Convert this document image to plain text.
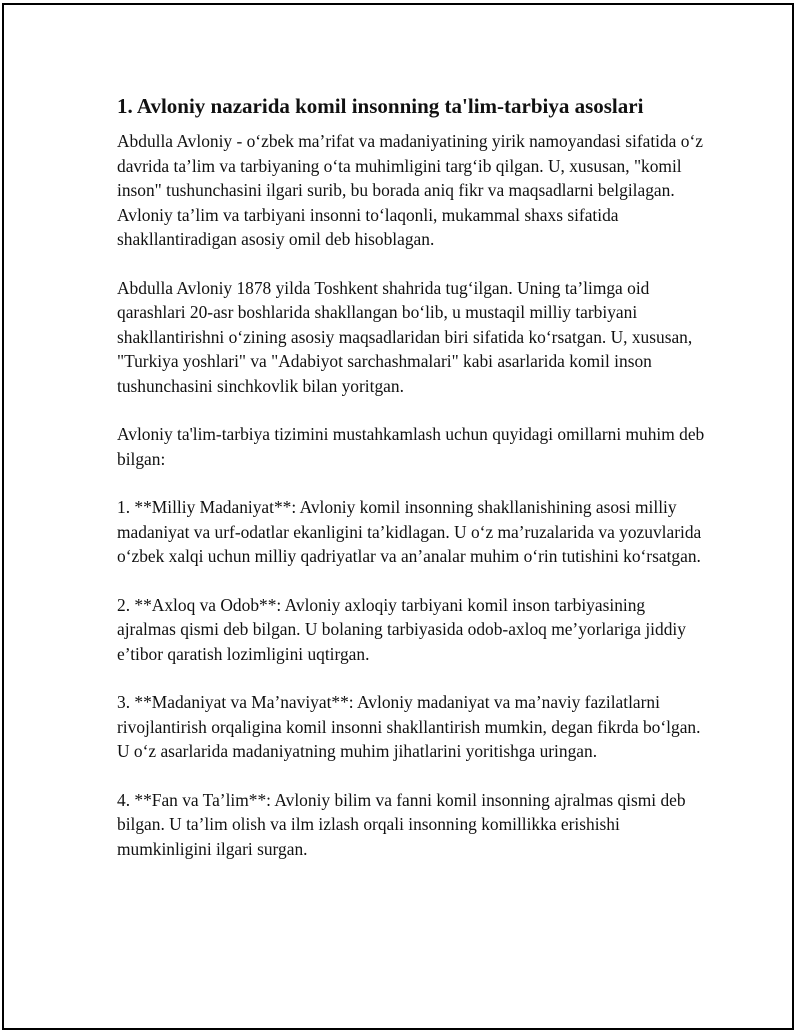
1. Avloniy nazarida komil insonning ta'lim-tarbiya asoslari

Abdulla Avloniy - o‘zbek ma’rifat va madaniyatining yirik namoyandasi sifatida o‘z davrida ta’lim va tarbiyaning o‘ta muhimligini targ‘ib qilgan. U, xususan, "komil inson" tushunchasini ilgari surib, bu borada aniq fikr va maqsadlarni belgilagan. Avloniy ta’lim va tarbiyani insonni to‘laqonli, mukammal shaxs sifatida shakllantiradigan asosiy omil deb hisoblagan.

Abdulla Avloniy 1878 yilda Toshkent shahrida tug‘ilgan. Uning ta’limga oid qarashlari 20-asr boshlarida shakllangan bo‘lib, u mustaqil milliy tarbiyani shakllantirishni o‘zining asosiy maqsadlaridan biri sifatida ko‘rsatgan. U, xususan, "Turkiya yoshlari" va "Adabiyot sarchashmalari" kabi asarlarida komil inson tushunchasini sinchkovlik bilan yoritgan.

Avloniy ta'lim-tarbiya tizimini mustahkamlash uchun quyidagi omillarni muhim deb bilgan:

1. **Milliy Madaniyat**: Avloniy komil insonning shakllanishining asosi milliy madaniyat va urf-odatlar ekanligini ta’kidlagan. U o‘z ma’ruzalarida va yozuvlarida o‘zbek xalqi uchun milliy qadriyatlar va an’analar muhim o‘rin tutishini ko‘rsatgan.

2. **Axloq va Odob**: Avloniy axloqiy tarbiyani komil inson tarbiyasining ajralmas qismi deb bilgan. U bolaning tarbiyasida odob-axloq me’yorlariga jiddiy e’tibor qaratish lozimligini uqtirgan.

3. **Madaniyat va Ma’naviyat**: Avloniy madaniyat va ma’naviy fazilatlarni rivojlantirish orqaligina komil insonni shakllantirish mumkin, degan fikrda bo‘lgan. U o‘z asarlarida madaniyatning muhim jihatlarini yoritishga uringan.

4. **Fan va Ta’lim**: Avloniy bilim va fanni komil insonning ajralmas qismi deb bilgan. U ta’lim olish va ilm izlash orqali insonning komillikka erishishi mumkinligini ilgari surgan.
